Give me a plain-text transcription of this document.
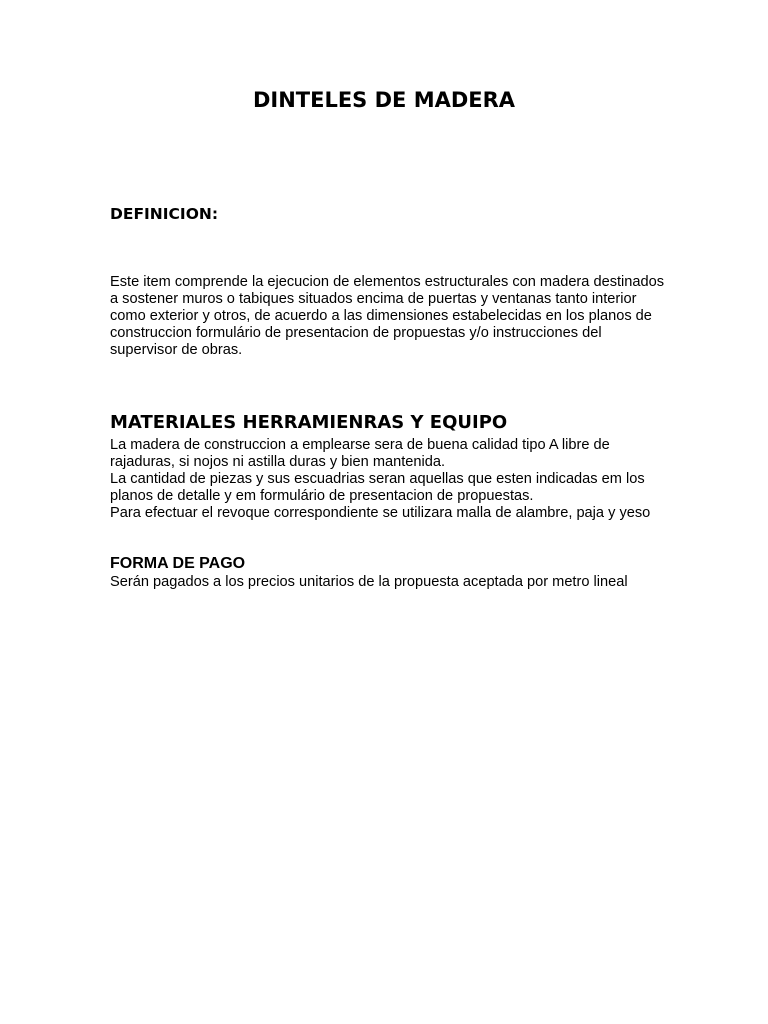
DINTELES DE MADERA
DEFINICION:

Este item comprende la ejecucion de elementos estructurales con madera destinados a sostener muros o tabiques situados encima de puertas y ventanas tanto interior como exterior y otros, de acuerdo a las dimensiones estabelecidas en los planos de construccion formulário de presentacion de propuestas y/o instrucciones del supervisor de obras.

MATERIALES HERRAMIENRAS Y EQUIPO
La madera de construccion a emplearse sera de buena calidad tipo A libre de rajaduras, si nojos ni astilla duras y bien mantenida.
La cantidad de piezas y sus escuadrias seran aquellas que esten indicadas em los planos de detalle y em formulário de presentacion de propuestas.
Para efectuar el revoque correspondiente se utilizara malla de alambre, paja y yeso
FORMA DE PAGO

Serán pagados a los precios unitarios de la propuesta aceptada por metro lineal
